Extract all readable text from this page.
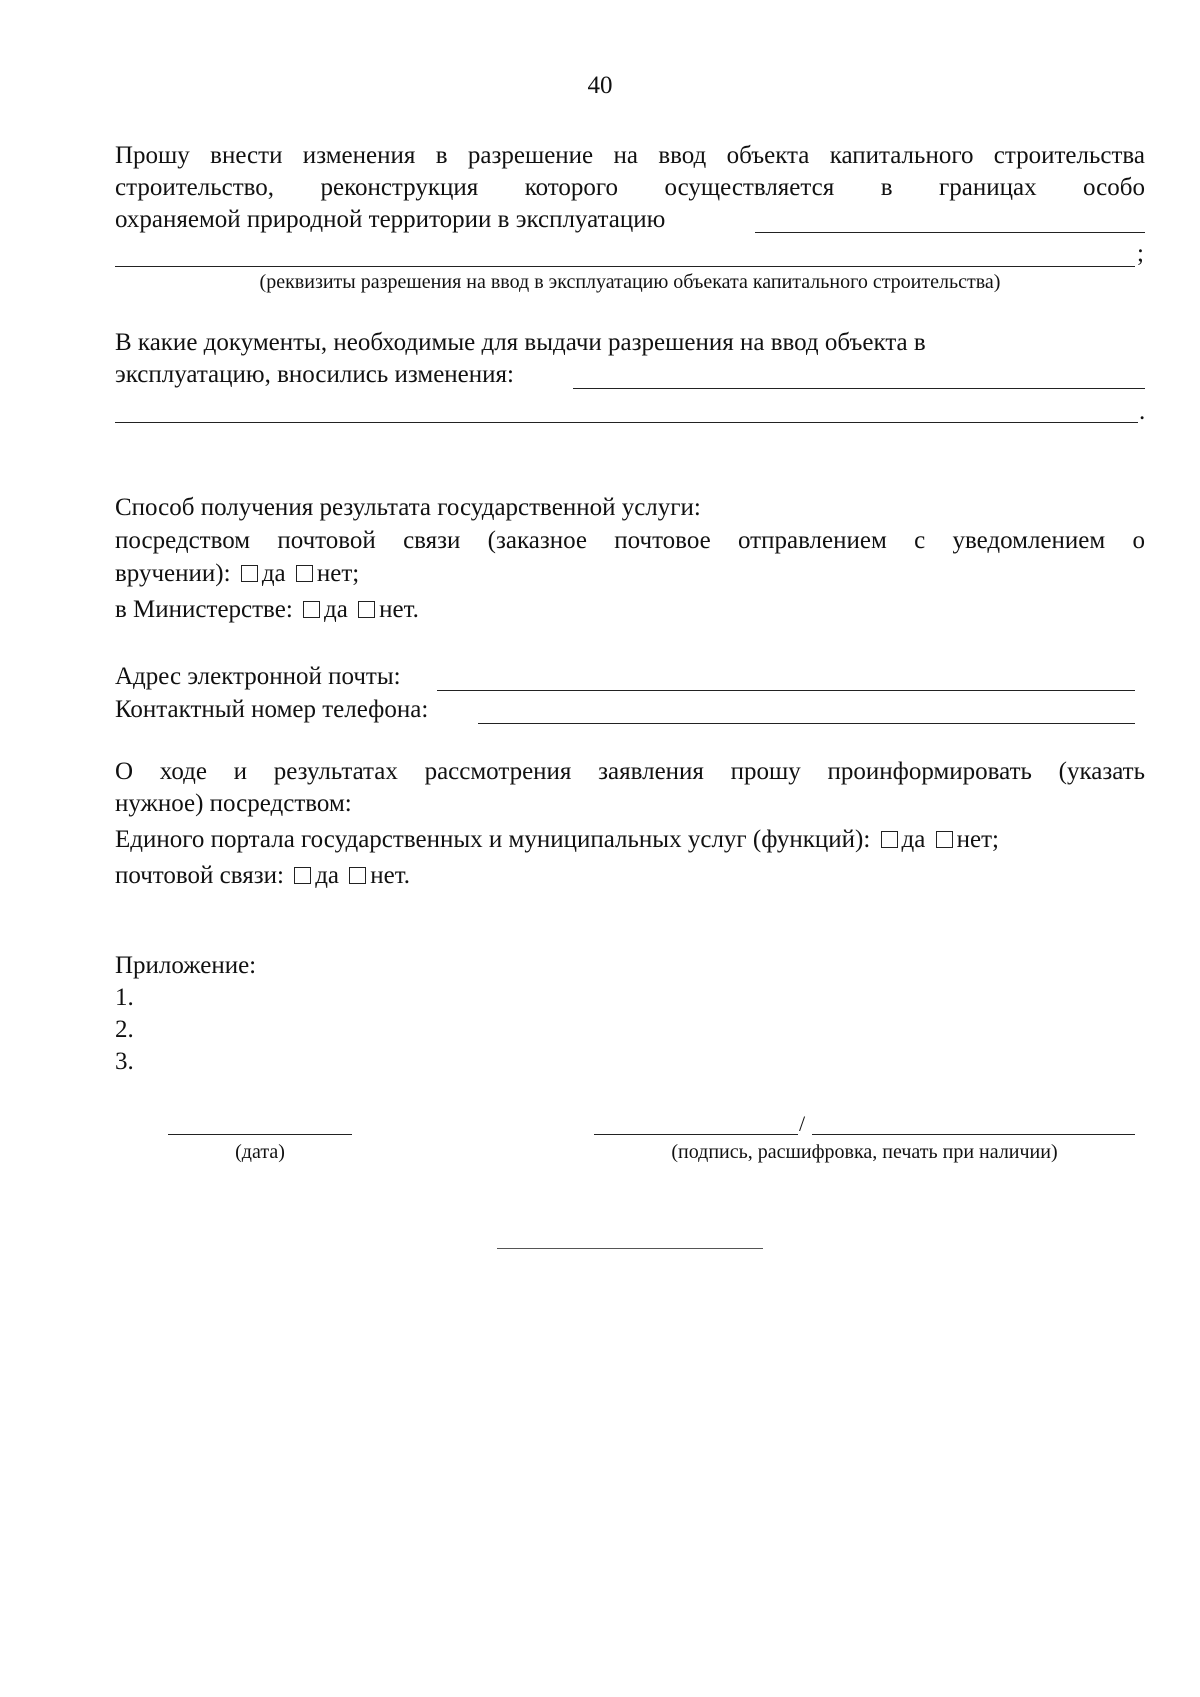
40
Прошу внести изменения в разрешение на ввод объекта капитального строительства
строительство, реконструкция которого осуществляется в границах особо
охраняемой природной территории в эксплуатацию
;
(реквизиты разрешения на ввод в эксплуатацию объеката капитального строительства)
В какие документы, необходимые для выдачи разрешения на ввод объекта в
эксплуатацию, вносились изменения:
.
Способ получения результата государственной услуги:
посредством почтовой связи (заказное почтовое отправлением с уведомлением о
вручении): да нет;
в Министерстве: да нет.
Адрес электронной почты:
Контактный номер телефона:
О ходе и результатах рассмотрения заявления прошу проинформировать (указать
нужное) посредством:
Единого портала государственных и муниципальных услуг (функций): да нет;
почтовой связи: да нет.
Приложение:
1.
2.
3.
(дата)
/
(подпись, расшифровка, печать при наличии)
